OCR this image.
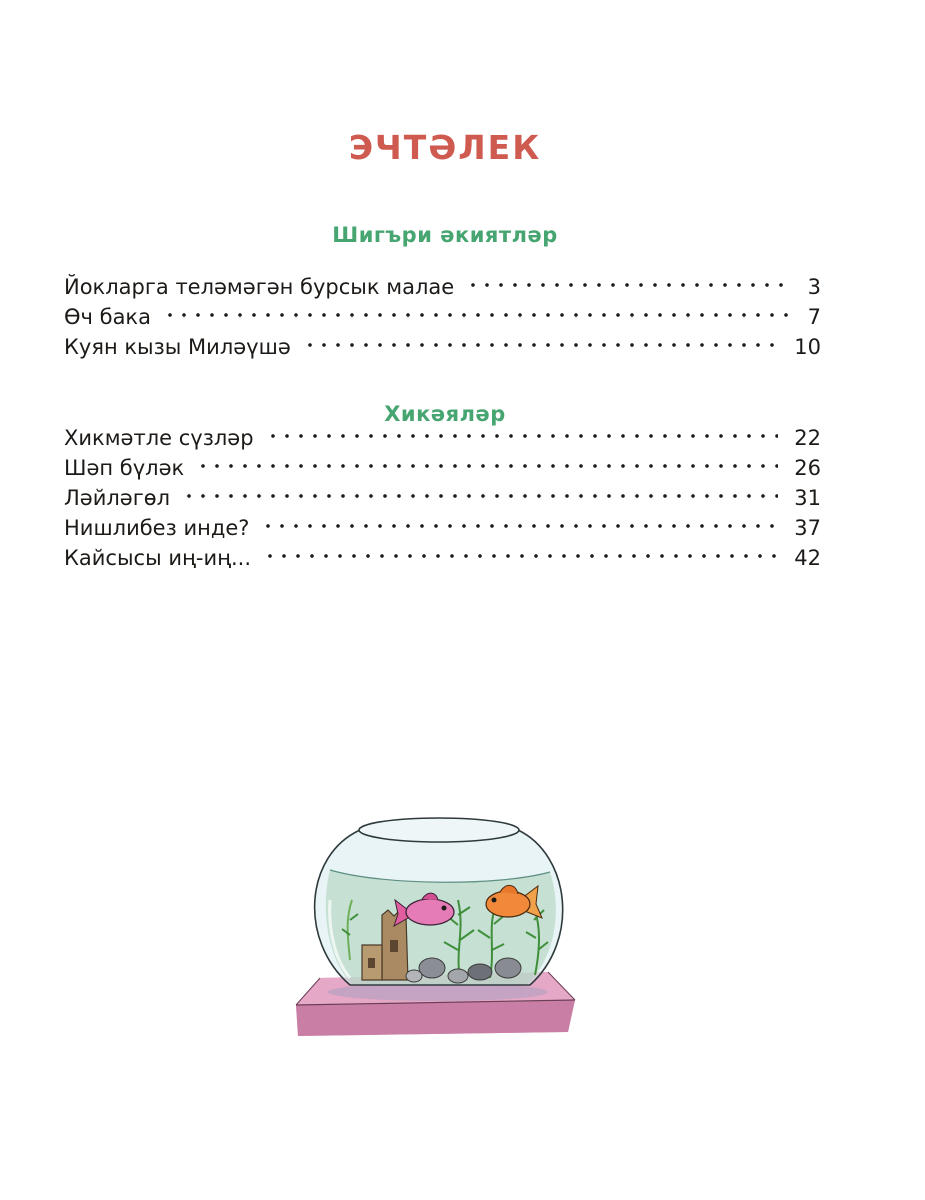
ЭЧТӘЛЕК
Шигъри әкиятләр
Йокларга теләмәгән бурсык малае	3
Өч бака	7
Куян кызы Миләүшә	10
Хикәяләр
Хикмәтле сүзләр	22
Шәп бүләк	26
Ләйләгөл	31
Нишлибез инде?	37
Кайсысы иң-иң...	42
